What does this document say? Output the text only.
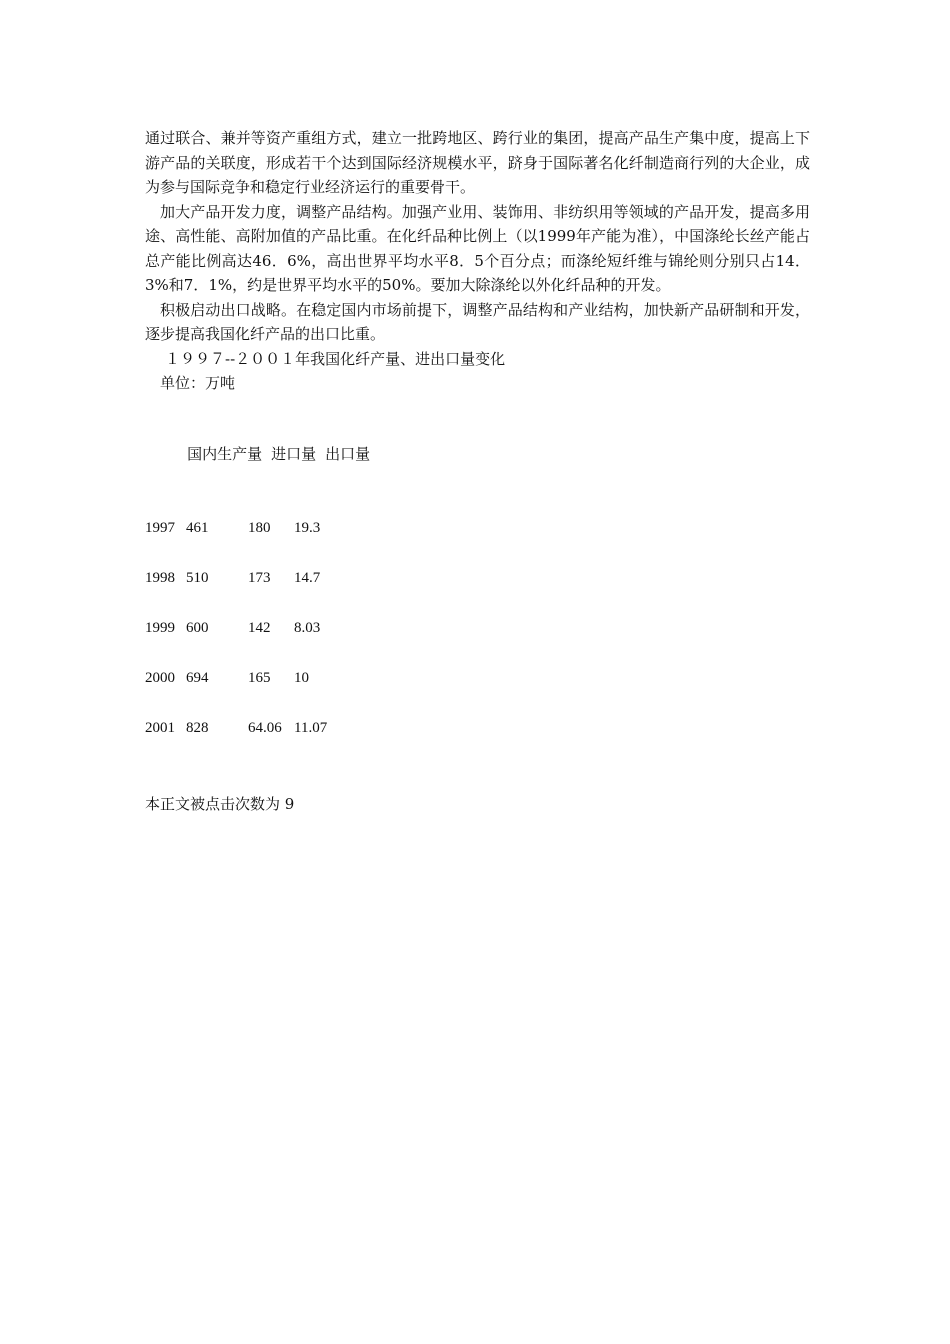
通过联合、兼并等资产重组方式，建立一批跨地区、跨行业的集团，提高产品生产集中度，提高上下游产品的关联度，形成若干个达到国际经济规模水平，跻身于国际著名化纤制造商行列的大企业，成为参与国际竞争和稳定行业经济运行的重要骨干。

加大产品开发力度，调整产品结构。加强产业用、装饰用、非纺织用等领域的产品开发，提高多用途、高性能、高附加值的产品比重。在化纤品种比例上（以1999年产能为准），中国涤纶长丝产能占总产能比例高达46．6%，高出世界平均水平8．5个百分点；而涤纶短纤维与锦纶则分别只占14．3%和7．1%，约是世界平均水平的50%。要加大除涤纶以外化纤品种的开发。

积极启动出口战略。在稳定国内市场前提下，调整产品结构和产业结构，加快新产品研制和开发，逐步提高我国化纤产品的出口比重。

１９９７--２００１年我国化纤产量、进出口量变化

单位：万吨

国内生产量 进口量 出口量

1997 461	180 19.3
1998 510	173 14.7
1999 600	142 8.03
2000 694	165 10
2001 828	64.06 11.07
本正文被点击次数为 9
